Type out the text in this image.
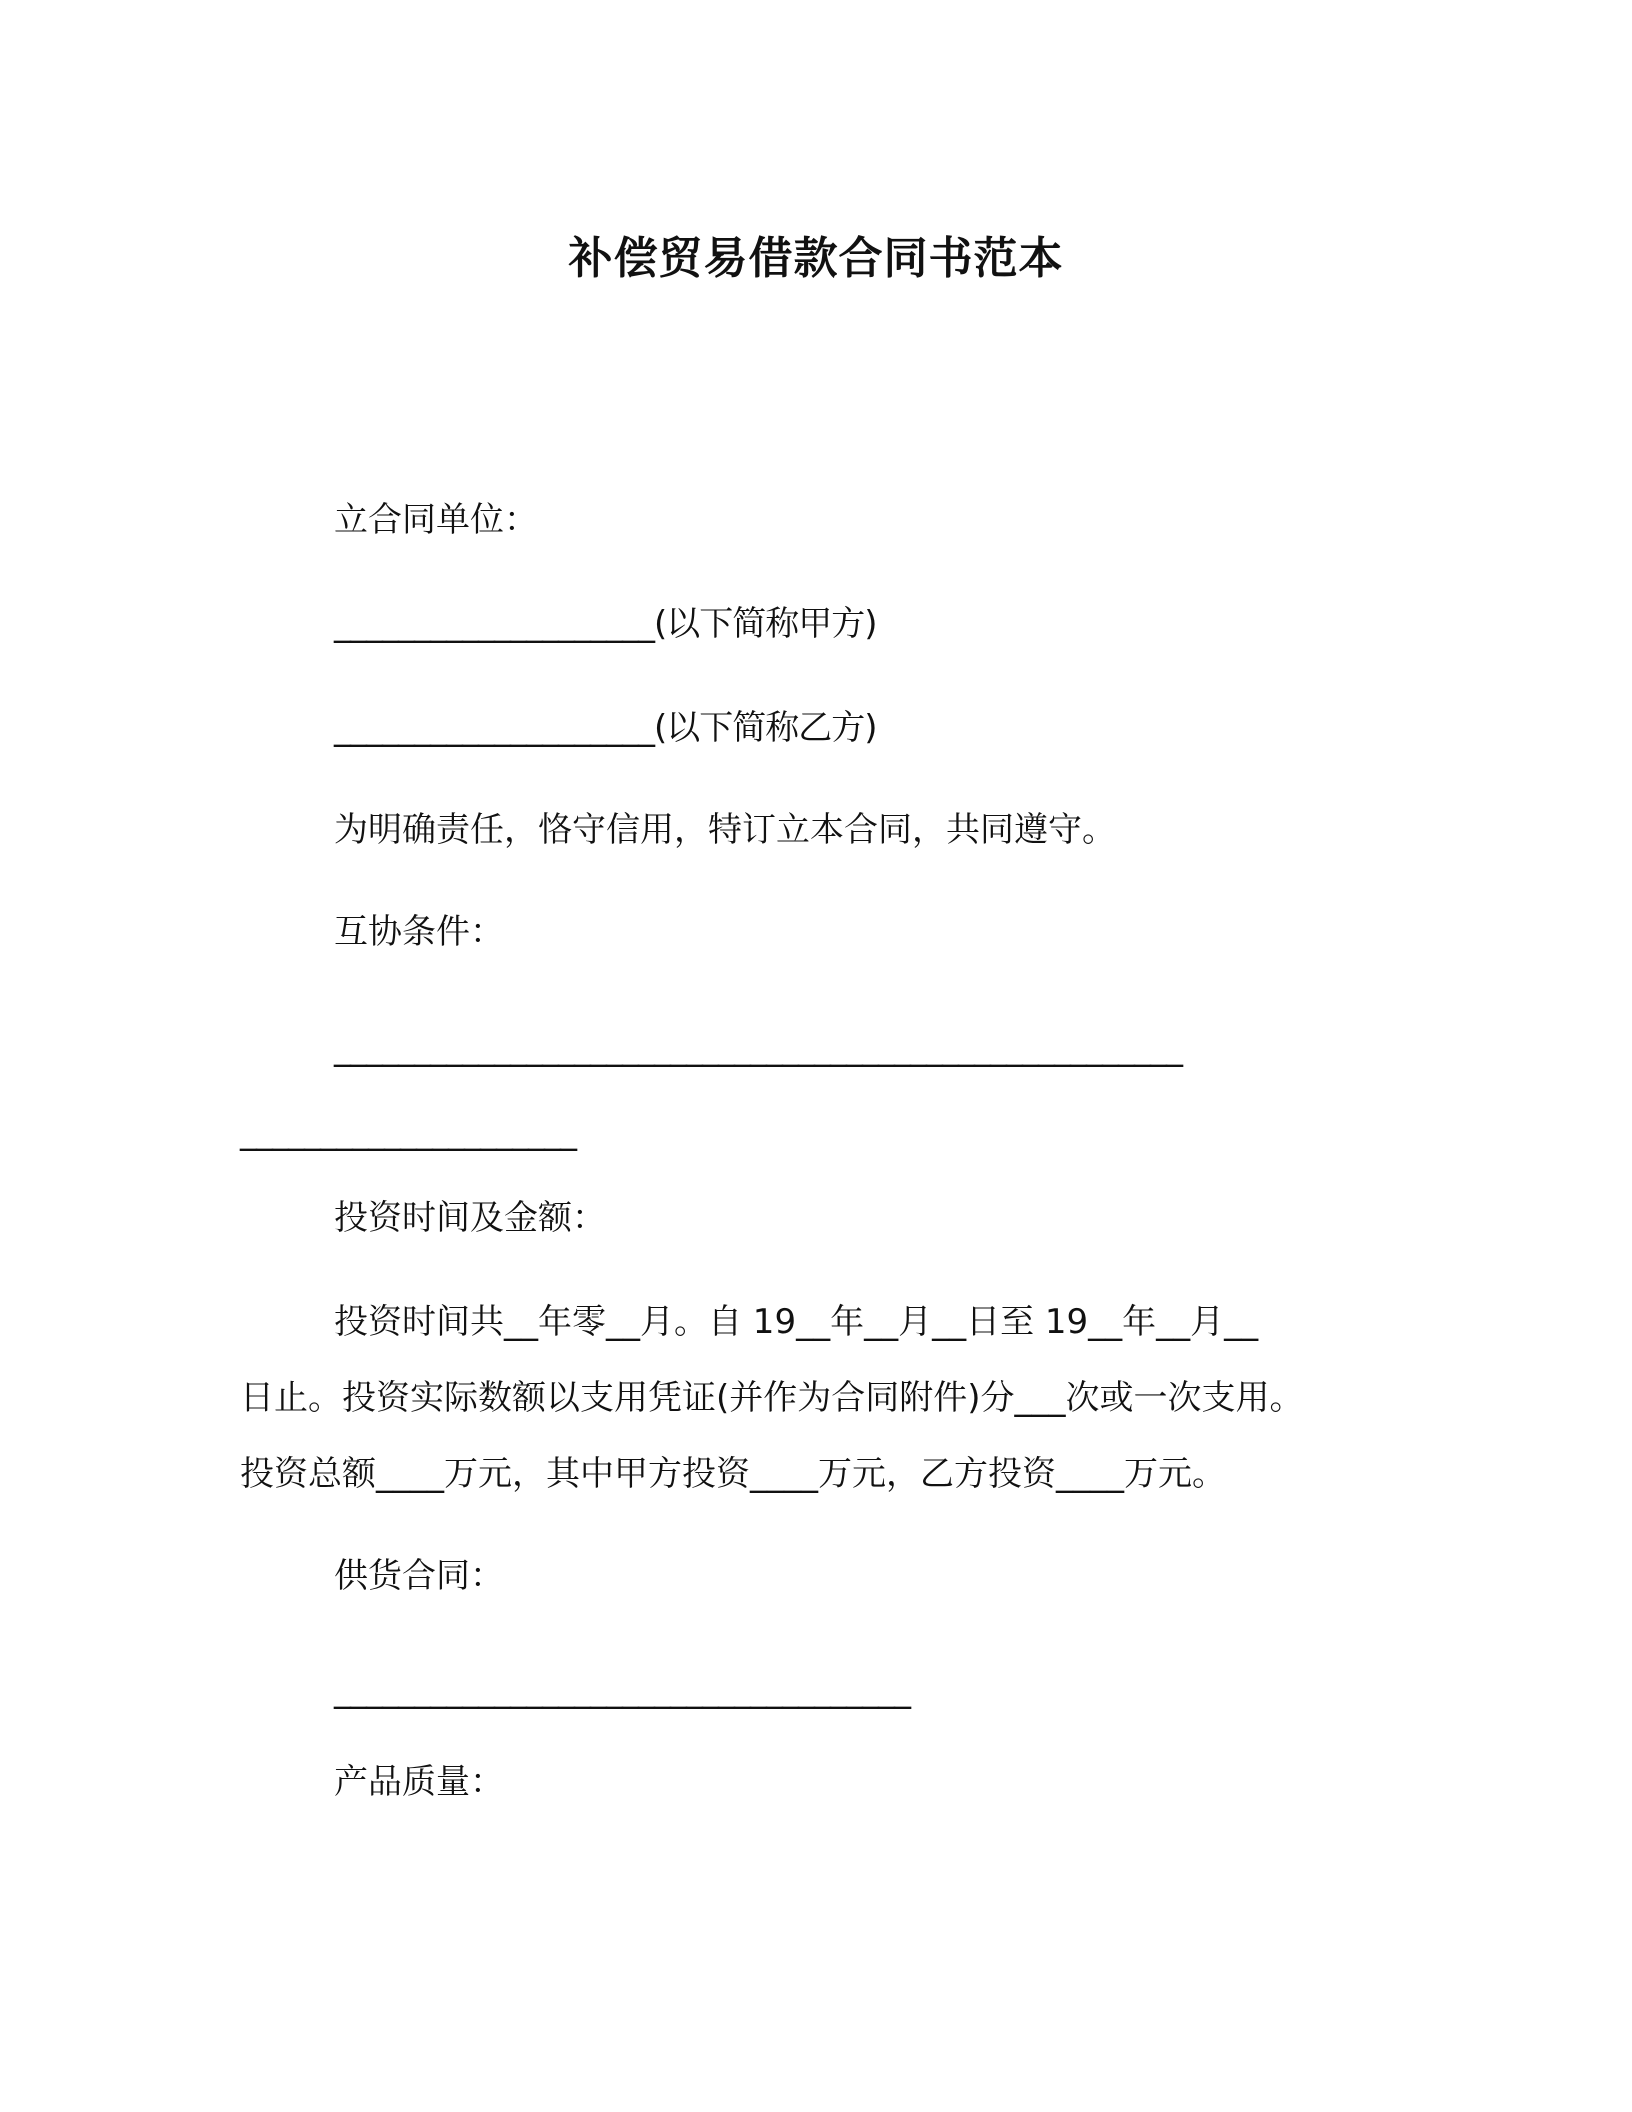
补偿贸易借款合同书范本
立合同单位：
____________________(以下简称甲方)
____________________(以下简称乙方)
为明确责任，恪守信用，特订立本合同，共同遵守。
互协条件：
_____________________________________________________
_____________________
投资时间及金额：
投资时间共__年零__月。自 19__年__月__日至 19__年__月__
日止。投资实际数额以支用凭证(并作为合同附件)分___次或一次支用。
投资总额____万元，其中甲方投资____万元，乙方投资____万元。
供货合同：
____________________________________
产品质量：
